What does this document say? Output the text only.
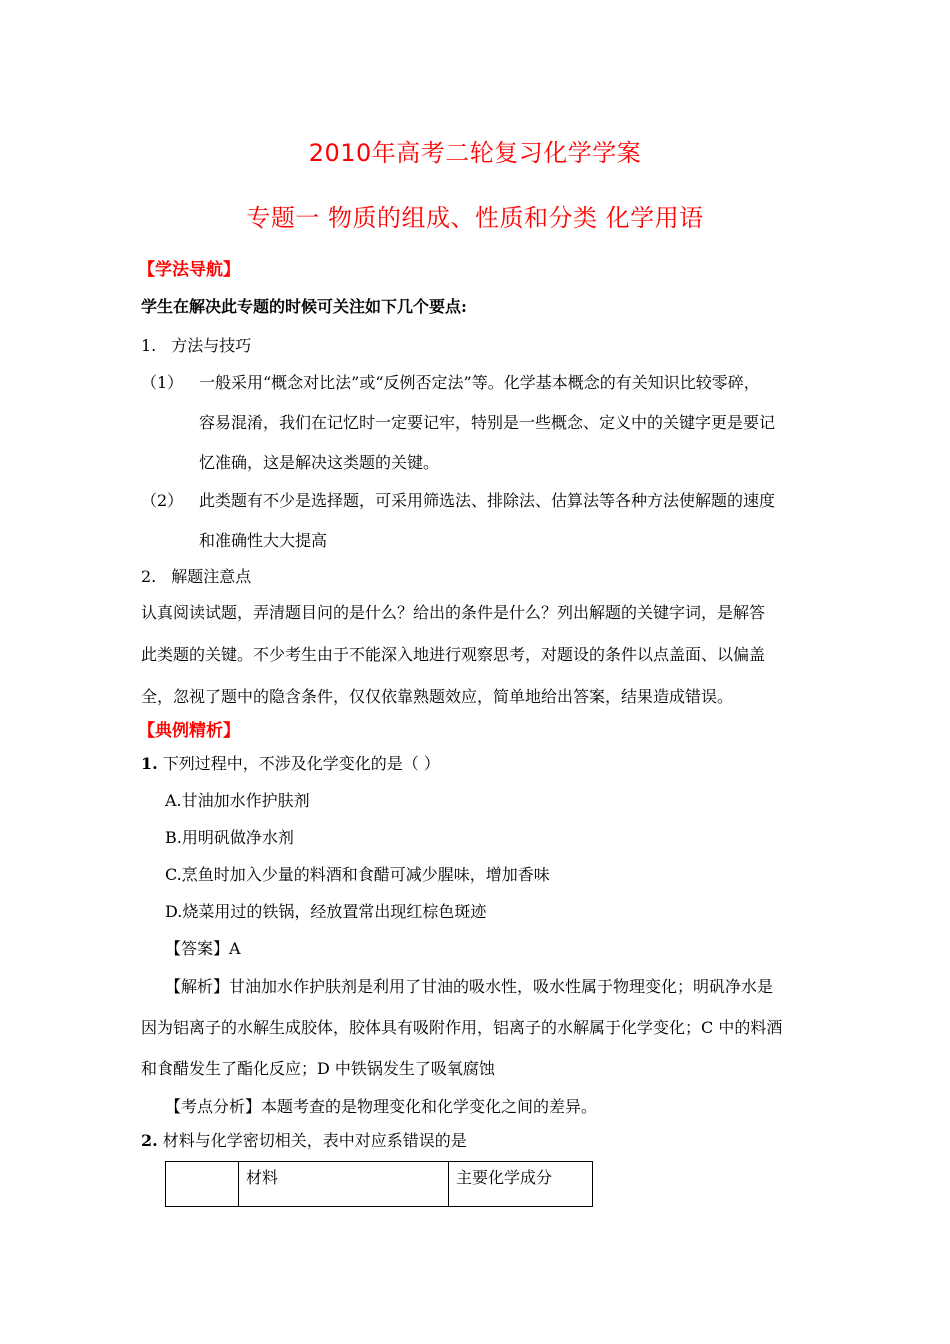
2010年高考二轮复习化学学案
专题一 物质的组成、性质和分类 化学用语
【学法导航】
学生在解决此专题的时候可关注如下几个要点:
1. 方法与技巧
（1） 一般采用“概念对比法”或“反例否定法”等。化学基本概念的有关知识比较零碎，
容易混淆，我们在记忆时一定要记牢，特别是一些概念、定义中的关键字更是要记
忆准确，这是解决这类题的关键。
（2） 此类题有不少是选择题，可采用筛选法、排除法、估算法等各种方法使解题的速度
和准确性大大提高
2. 解题注意点
认真阅读试题，弄清题目问的是什么？给出的条件是什么？列出解题的关键字词，是解答
此类题的关键。不少考生由于不能深入地进行观察思考，对题设的条件以点盖面、以偏盖
全，忽视了题中的隐含条件，仅仅依靠熟题效应，简单地给出答案，结果造成错误。
【典例精析】
1. 下列过程中，不涉及化学变化的是（ ）
A.甘油加水作护肤剂
B.用明矾做净水剂
C.烹鱼时加入少量的料酒和食醋可减少腥味，增加香味
D.烧菜用过的铁锅，经放置常出现红棕色斑迹
【答案】A
【解析】甘油加水作护肤剂是利用了甘油的吸水性，吸水性属于物理变化；明矾净水是
因为铝离子的水解生成胶体，胶体具有吸附作用，铝离子的水解属于化学变化；C 中的料酒
和食醋发生了酯化反应；D 中铁锅发生了吸氧腐蚀
【考点分析】本题考查的是物理变化和化学变化之间的差异。
2. 材料与化学密切相关，表中对应系错误的是
	材料	主要化学成分
